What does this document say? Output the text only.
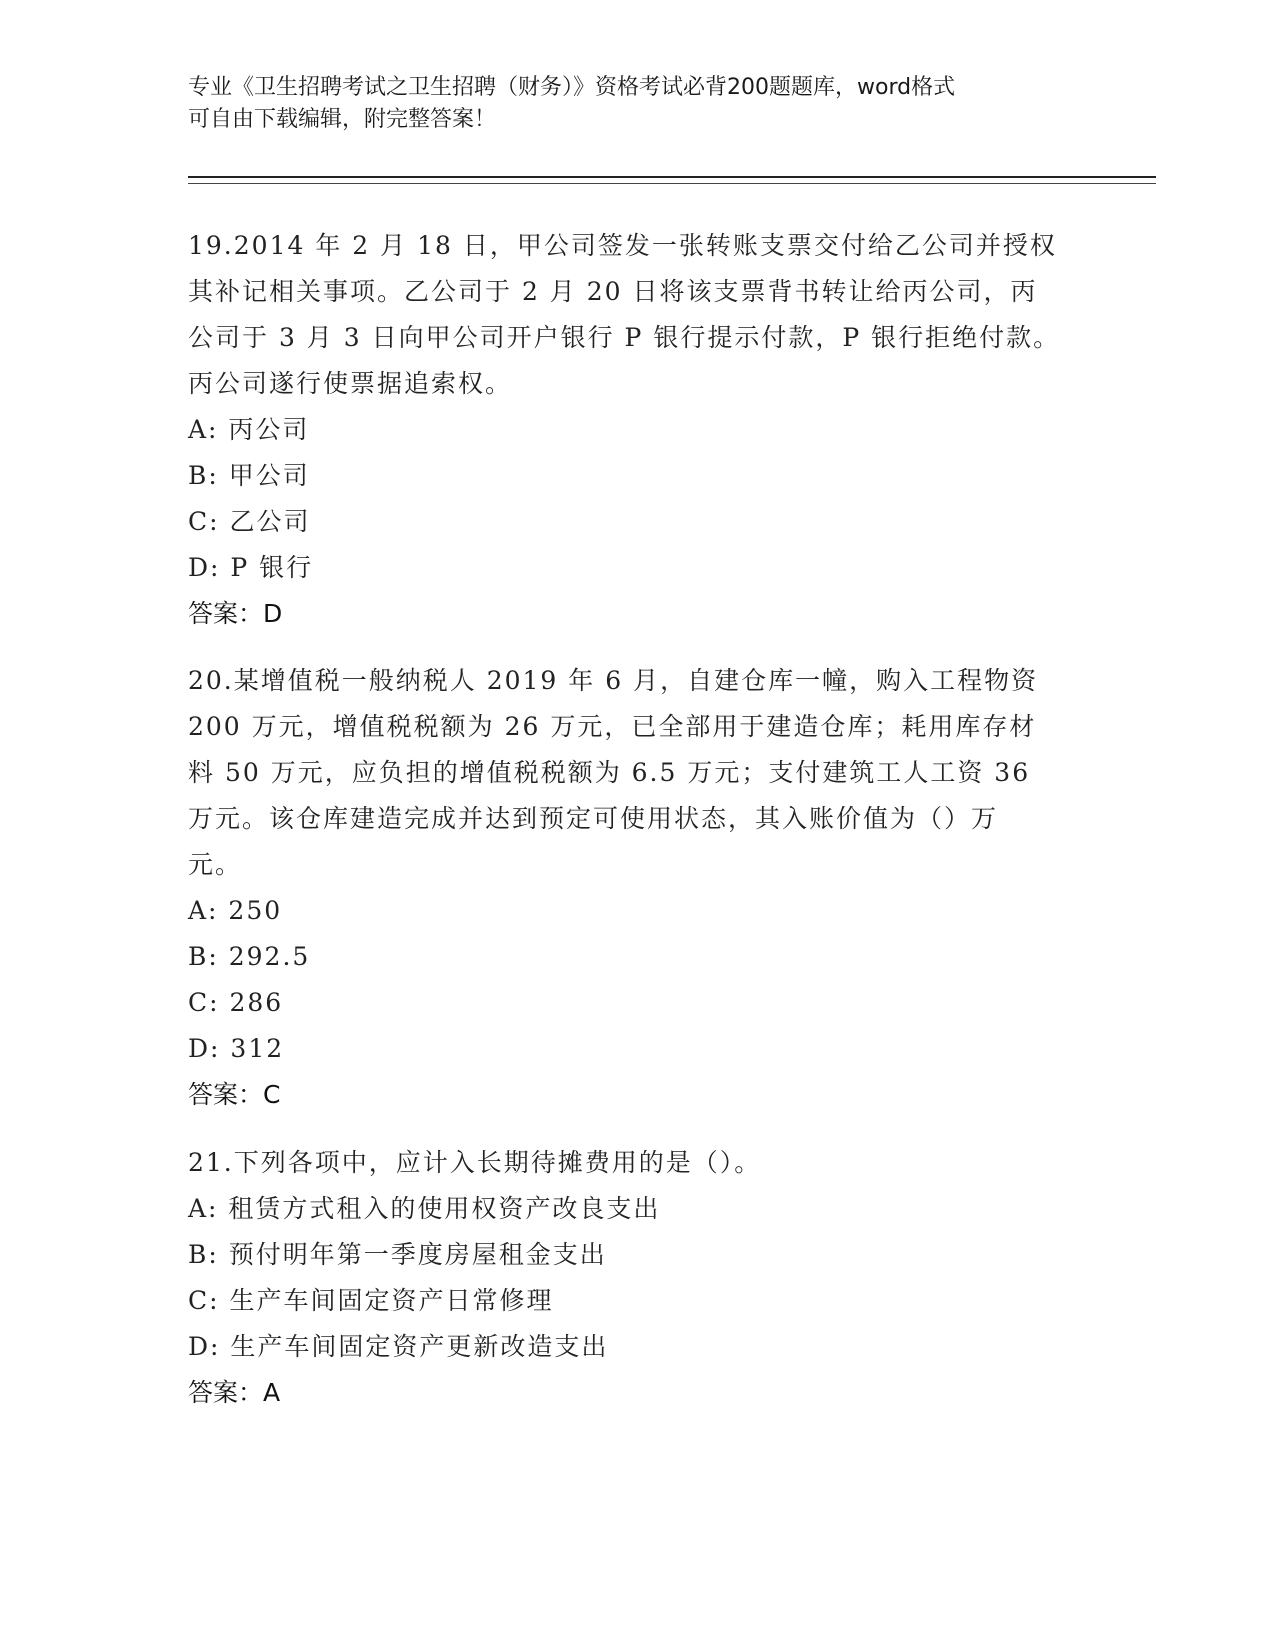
专业《卫生招聘考试之卫生招聘（财务）》资格考试必背200题题库，word格式
可自由下载编辑，附完整答案！
19.2014 年 2 月 18 日，甲公司签发一张转账支票交付给乙公司并授权
其补记相关事项。乙公司于 2 月 20 日将该支票背书转让给丙公司，丙
公司于 3 月 3 日向甲公司开户银行 P 银行提示付款，P 银行拒绝付款。
丙公司遂行使票据追索权。
A: 丙公司
B: 甲公司
C: 乙公司
D: P 银行
答案：D
20.某增值税一般纳税人 2019 年 6 月，自建仓库一幢，购入工程物资
200 万元，增值税税额为 26 万元，已全部用于建造仓库；耗用库存材
料 50 万元，应负担的增值税税额为 6.5 万元；支付建筑工人工资 36
万元。该仓库建造完成并达到预定可使用状态，其入账价值为（）万
元。
A: 250
B: 292.5
C: 286
D: 312
答案：C
21.下列各项中，应计入长期待摊费用的是（）。
A: 租赁方式租入的使用权资产改良支出
B: 预付明年第一季度房屋租金支出
C: 生产车间固定资产日常修理
D: 生产车间固定资产更新改造支出
答案：A
